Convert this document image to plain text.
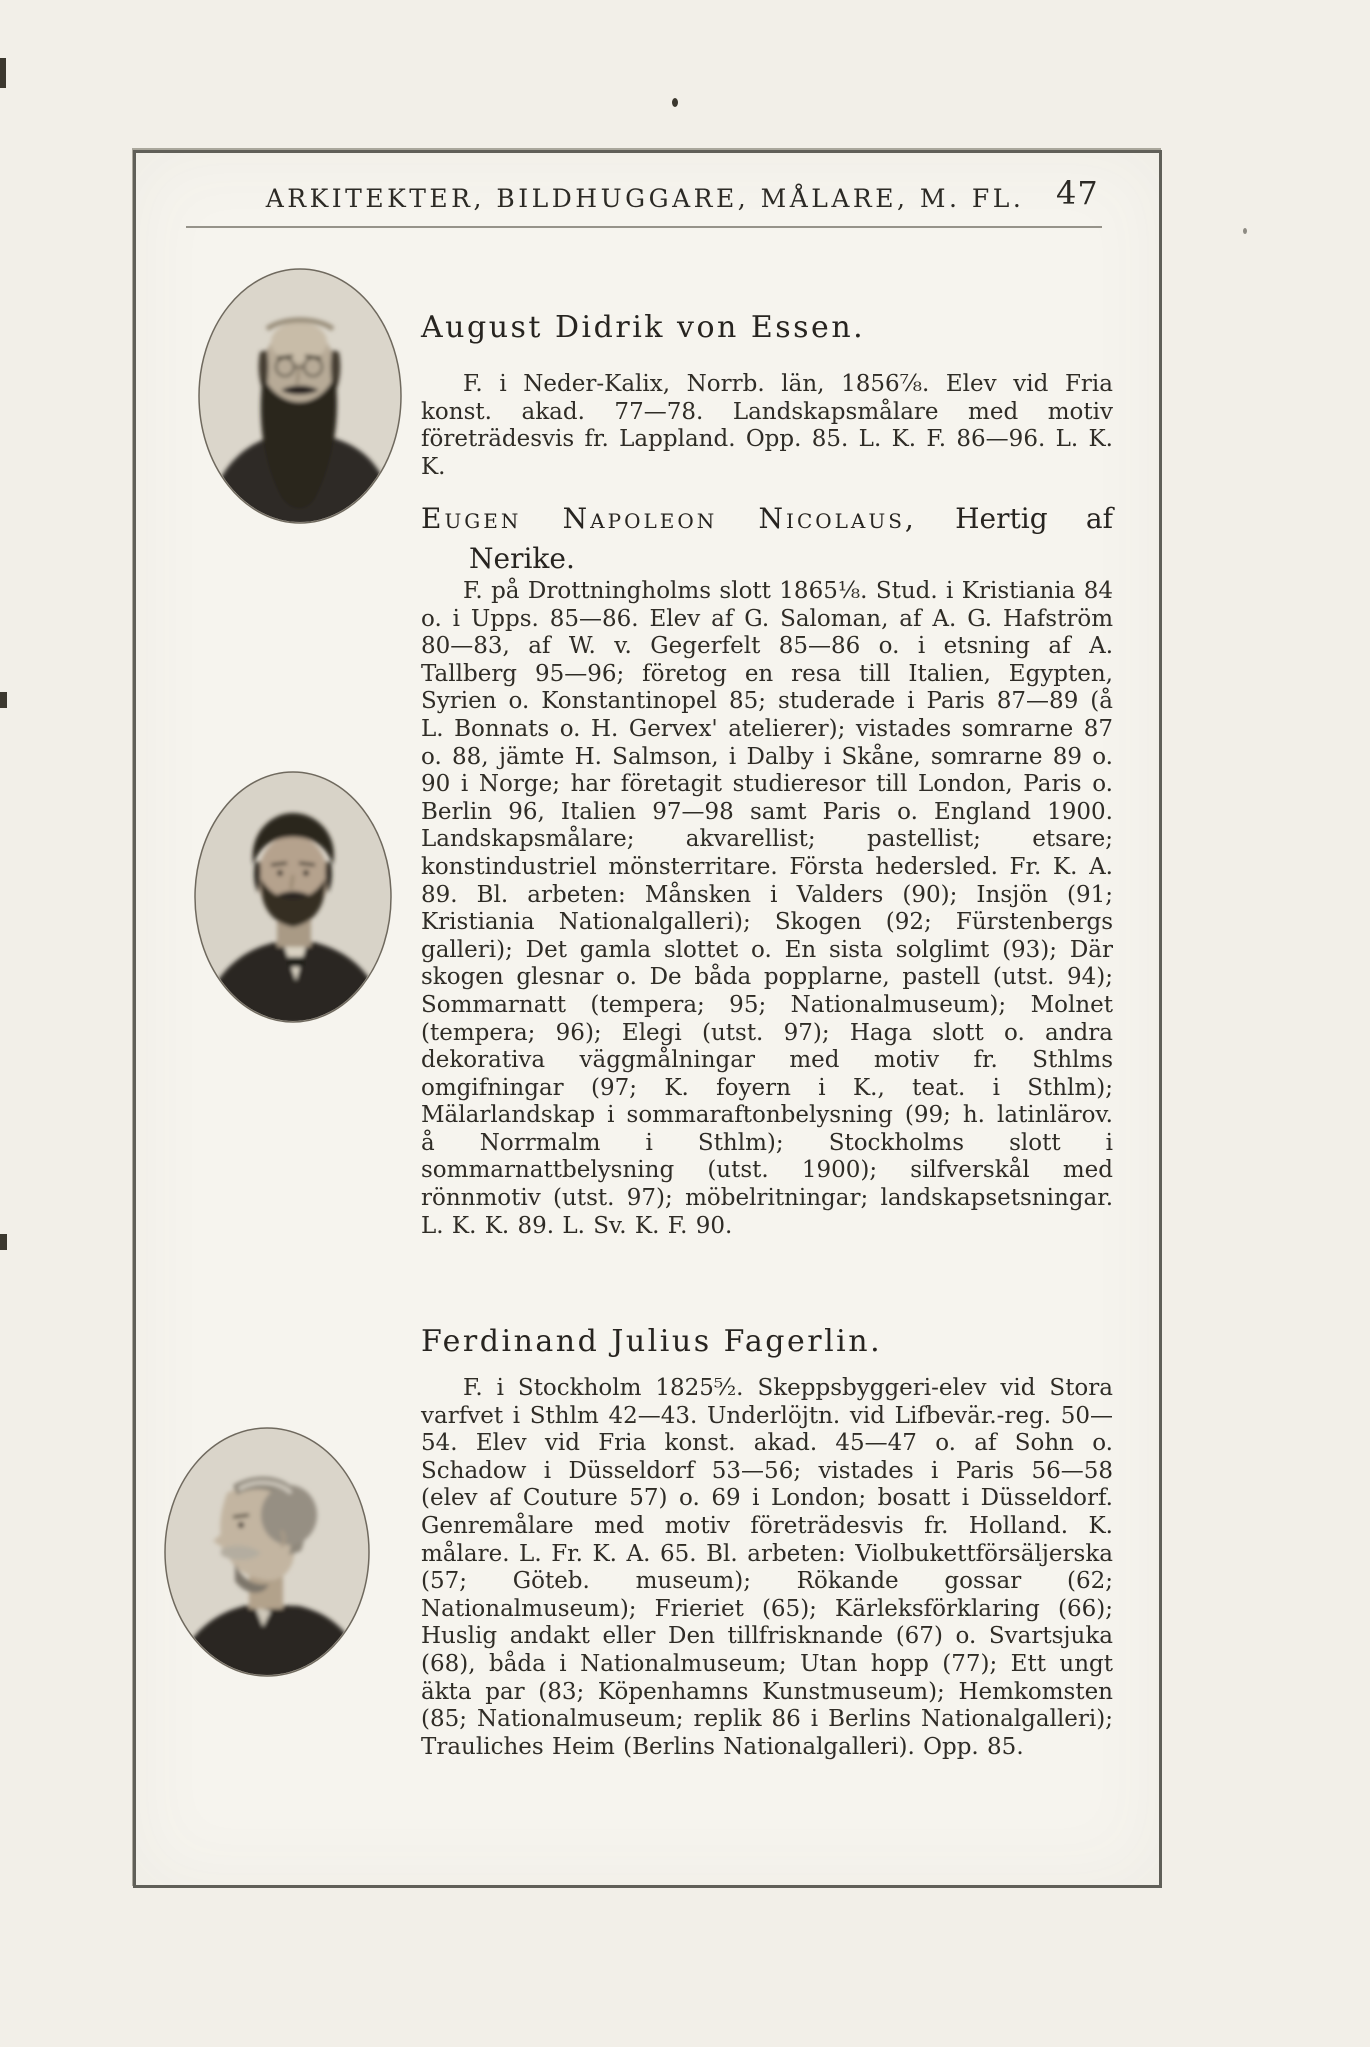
ARKITEKTER, BILDHUGGARE, MÅLARE, M. FL. 47
August Didrik von Essen.
F. i Neder-Kalix, Norrb. län, 1856⁷⁄₈. Elev vid Fria konst. akad. 77—78. Landskapsmålare med motiv företrädesvis fr. Lappland. Opp. 85. L. K. F. 86—96. L. K. K.
Eugen Napoleon Nicolaus, Hertig af
Nerike.
F. på Drottningholms slott 1865¹⁄₈. Stud. i Kristiania 84 o. i Upps. 85—86. Elev af G. Saloman, af A. G. Hafström 80—83, af W. v. Gegerfelt 85—86 o. i etsning af A. Tallberg 95—96; företog en resa till Italien, Egypten, Syrien o. Konstantinopel 85; studerade i Paris 87—89 (å L. Bonnats o. H. Gervex' atelierer); vistades somrarne 87 o. 88, jämte H. Salmson, i Dalby i Skåne, somrarne 89 o. 90 i Norge; har företagit studieresor till London, Paris o. Berlin 96, Italien 97—98 samt Paris o. England 1900. Landskapsmålare; akvarellist; pastellist; etsare; konstindustriel mönsterritare. Första hedersled. Fr. K. A. 89. Bl. arbeten: Månsken i Valders (90); Insjön (91; Kristiania Nationalgalleri); Skogen (92; Fürstenbergs galleri); Det gamla slottet o. En sista solglimt (93); Där skogen glesnar o. De båda popplarne, pastell (utst. 94); Sommarnatt (tempera; 95; Nationalmuseum); Molnet (tempera; 96); Elegi (utst. 97); Haga slott o. andra dekorativa väggmålningar med motiv fr. Sthlms omgifningar (97; K. foyern i K., teat. i Sthlm); Mälarlandskap i sommaraftonbelysning (99; h. latinlärov. å Norrmalm i Sthlm); Stockholms slott i sommarnattbelysning (utst. 1900); silfverskål med rönnmotiv (utst. 97); möbelritningar; landskapsetsningar. L. K. K. 89. L. Sv. K. F. 90.
Ferdinand Julius Fagerlin.
F. i Stockholm 1825⁵⁄₂. Skeppsbyggeri-elev vid Stora varfvet i Sthlm 42—43. Underlöjtn. vid Lifbevär.-reg. 50—54. Elev vid Fria konst. akad. 45—47 o. af Sohn o. Schadow i Düsseldorf 53—56; vistades i Paris 56—58 (elev af Couture 57) o. 69 i London; bosatt i Düsseldorf. Genremålare med motiv företrädesvis fr. Holland. K. målare. L. Fr. K. A. 65. Bl. arbeten: Violbukettförsäljerska (57; Göteb. museum); Rökande gossar (62; Nationalmuseum); Frieriet (65); Kärleksförklaring (66); Huslig andakt eller Den tillfrisknande (67) o. Svartsjuka (68), båda i Nationalmuseum; Utan hopp (77); Ett ungt äkta par (83; Köpenhamns Kunstmuseum); Hemkomsten (85; Nationalmuseum; replik 86 i Berlins Nationalgalleri); Trauliches Heim (Berlins Nationalgalleri). Opp. 85.
